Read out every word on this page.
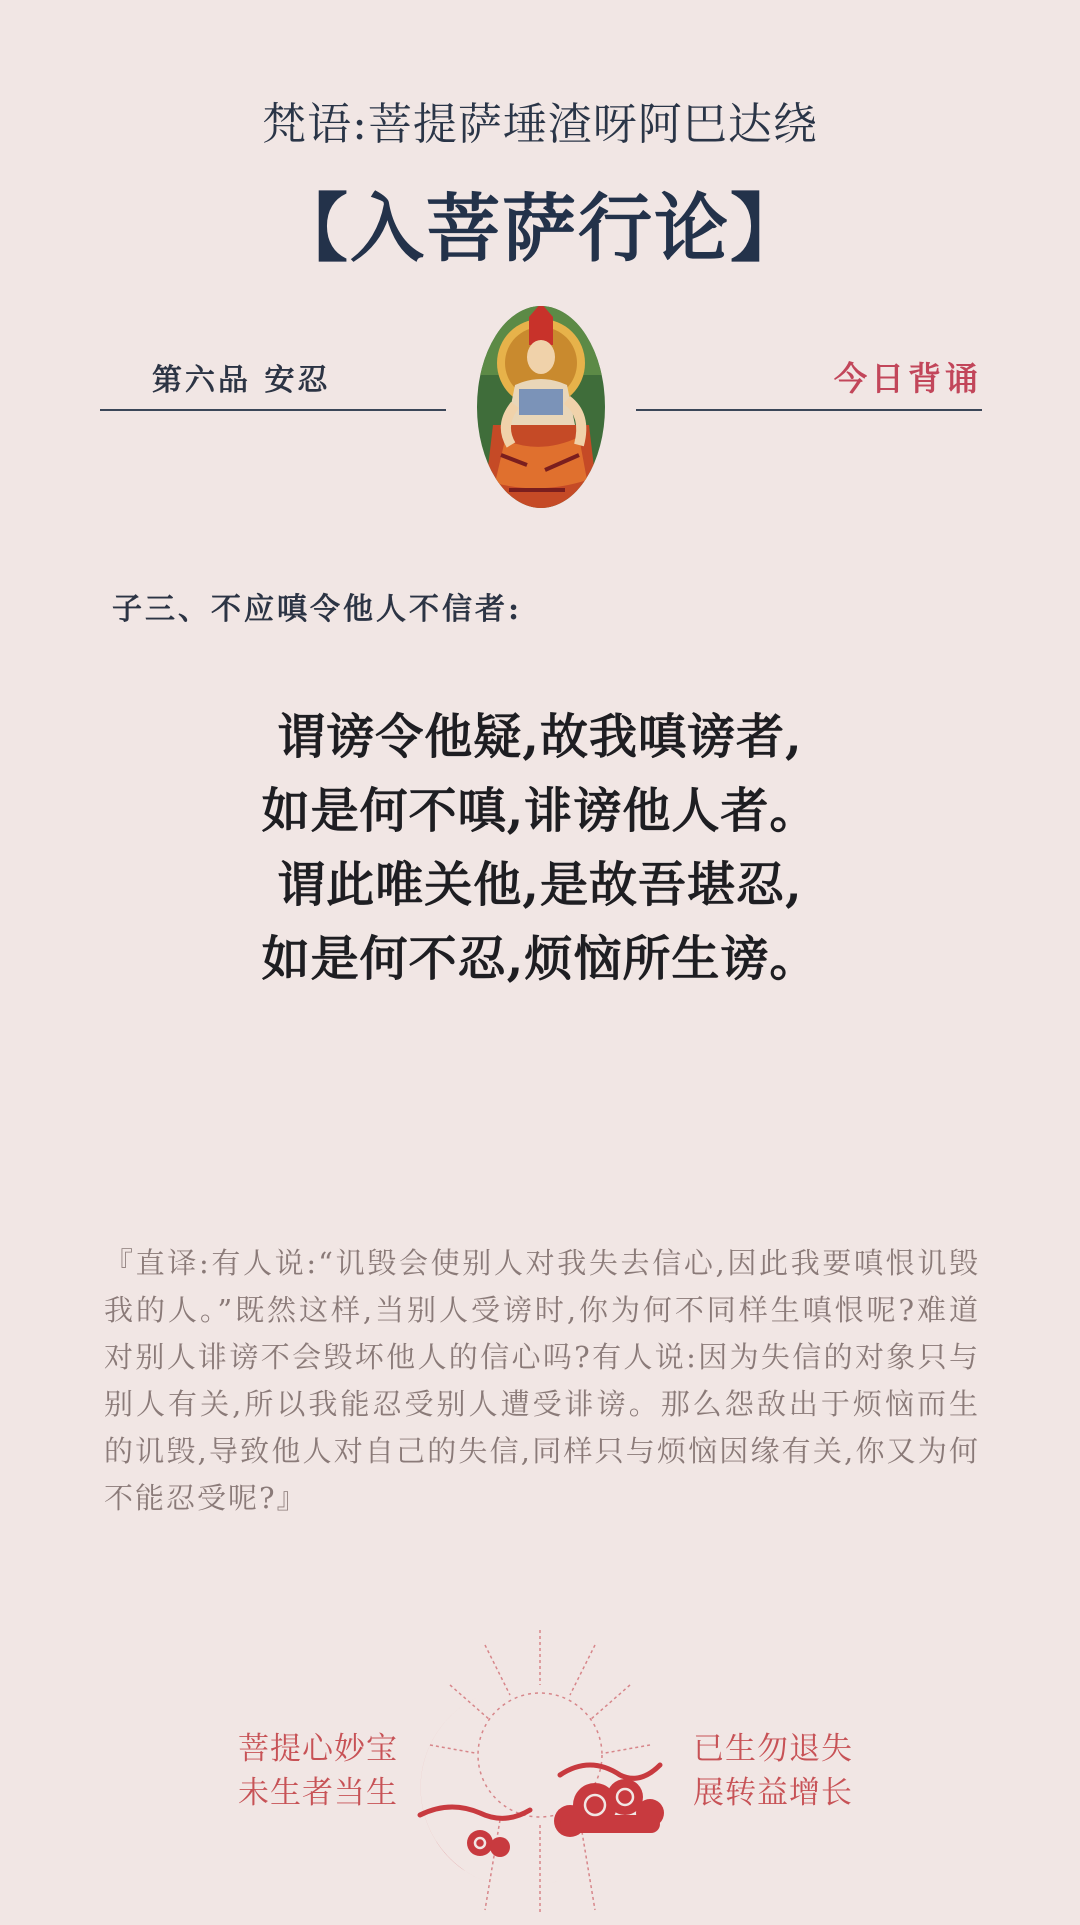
梵语:菩提萨埵渣呀阿巴达绕
【入菩萨行论】
第六品 安忍	今日背诵
子三、不应嗔令他人不信者:
谓谤令他疑,故我嗔谤者,
如是何不嗔,诽谤他人者。
谓此唯关他,是故吾堪忍,
如是何不忍,烦恼所生谤。
『直译:有人说:“讥毁会使别人对我失去信心,因此我要嗔恨讥毁我的人。”既然这样,当别人受谤时,你为何不同样生嗔恨呢?难道对别人诽谤不会毁坏他人的信心吗?有人说:因为失信的对象只与别人有关,所以我能忍受别人遭受诽谤。那么怨敌出于烦恼而生的讥毁,导致他人对自己的失信,同样只与烦恼因缘有关,你又为何不能忍受呢?』
菩提心妙宝
未生者当生
已生勿退失
展转益增长
